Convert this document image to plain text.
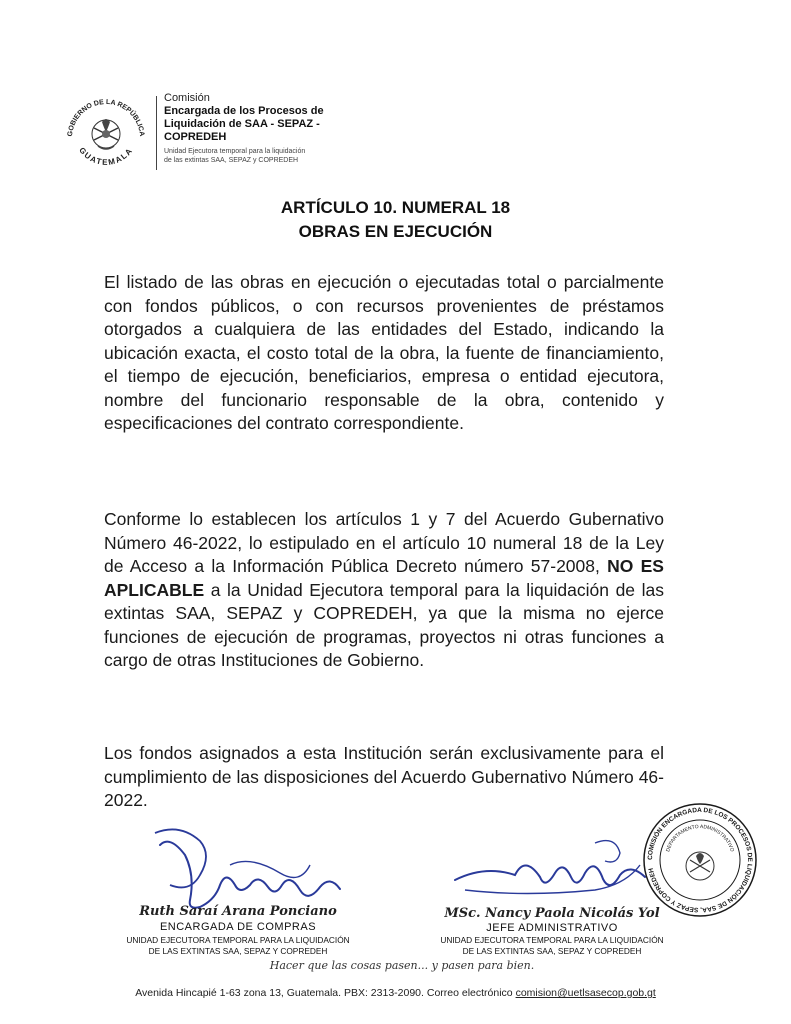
GOBIERNO DE LA REPÚBLICA
GUATEMALA
Comisión
Encargada de los Procesos de
Liquidación de SAA - SEPAZ -
COPREDEH
Unidad Ejecutora temporal para la liquidación
de las extintas SAA, SEPAZ y COPREDEH
ARTÍCULO 10. NUMERAL 18
OBRAS EN EJECUCIÓN
El listado de las obras en ejecución o ejecutadas total o parcialmente con fondos públicos, o con recursos provenientes de préstamos otorgados a cualquiera de las entidades del Estado, indicando la ubicación exacta, el costo total de la obra, la fuente de financiamiento, el tiempo de ejecución, beneficiarios, empresa o entidad ejecutora, nombre del funcionario responsable de la obra, contenido y especificaciones del contrato correspondiente.
Conforme lo establecen los artículos 1 y 7 del Acuerdo Gubernativo Número 46-2022, lo estipulado en el artículo 10 numeral 18 de la Ley de Acceso a la Información Pública Decreto número 57-2008, NO ES APLICABLE a la Unidad Ejecutora temporal para la liquidación de las extintas SAA, SEPAZ y COPREDEH, ya que la misma no ejerce funciones de ejecución de programas, proyectos ni otras funciones a cargo de otras Instituciones de Gobierno.
Los fondos asignados a esta Institución serán exclusivamente para el cumplimiento de las disposiciones del Acuerdo Gubernativo Número 46-2022.
Ruth Saraí Arana Ponciano
ENCARGADA DE COMPRAS
UNIDAD EJECUTORA TEMPORAL PARA LA LIQUIDACIÓN
DE LAS EXTINTAS SAA, SEPAZ Y COPREDEH
MSc. Nancy Paola Nicolás Yol
JEFE ADMINISTRATIVO
UNIDAD EJECUTORA TEMPORAL PARA LA LIQUIDACIÓN
DE LAS EXTINTAS SAA, SEPAZ Y COPREDEH
COMISIÓN ENCARGADA DE LOS PROCESOS DE LIQUIDACIÓN DE SAA, SEPAZ Y COPREDEH
DEPARTAMENTO ADMINISTRATIVO
Hacer que las cosas pasen... y pasen para bien.
Avenida Hincapié 1-63 zona 13, Guatemala. PBX: 2313-2090. Correo electrónico comision@uetlsasecop.gob.gt
